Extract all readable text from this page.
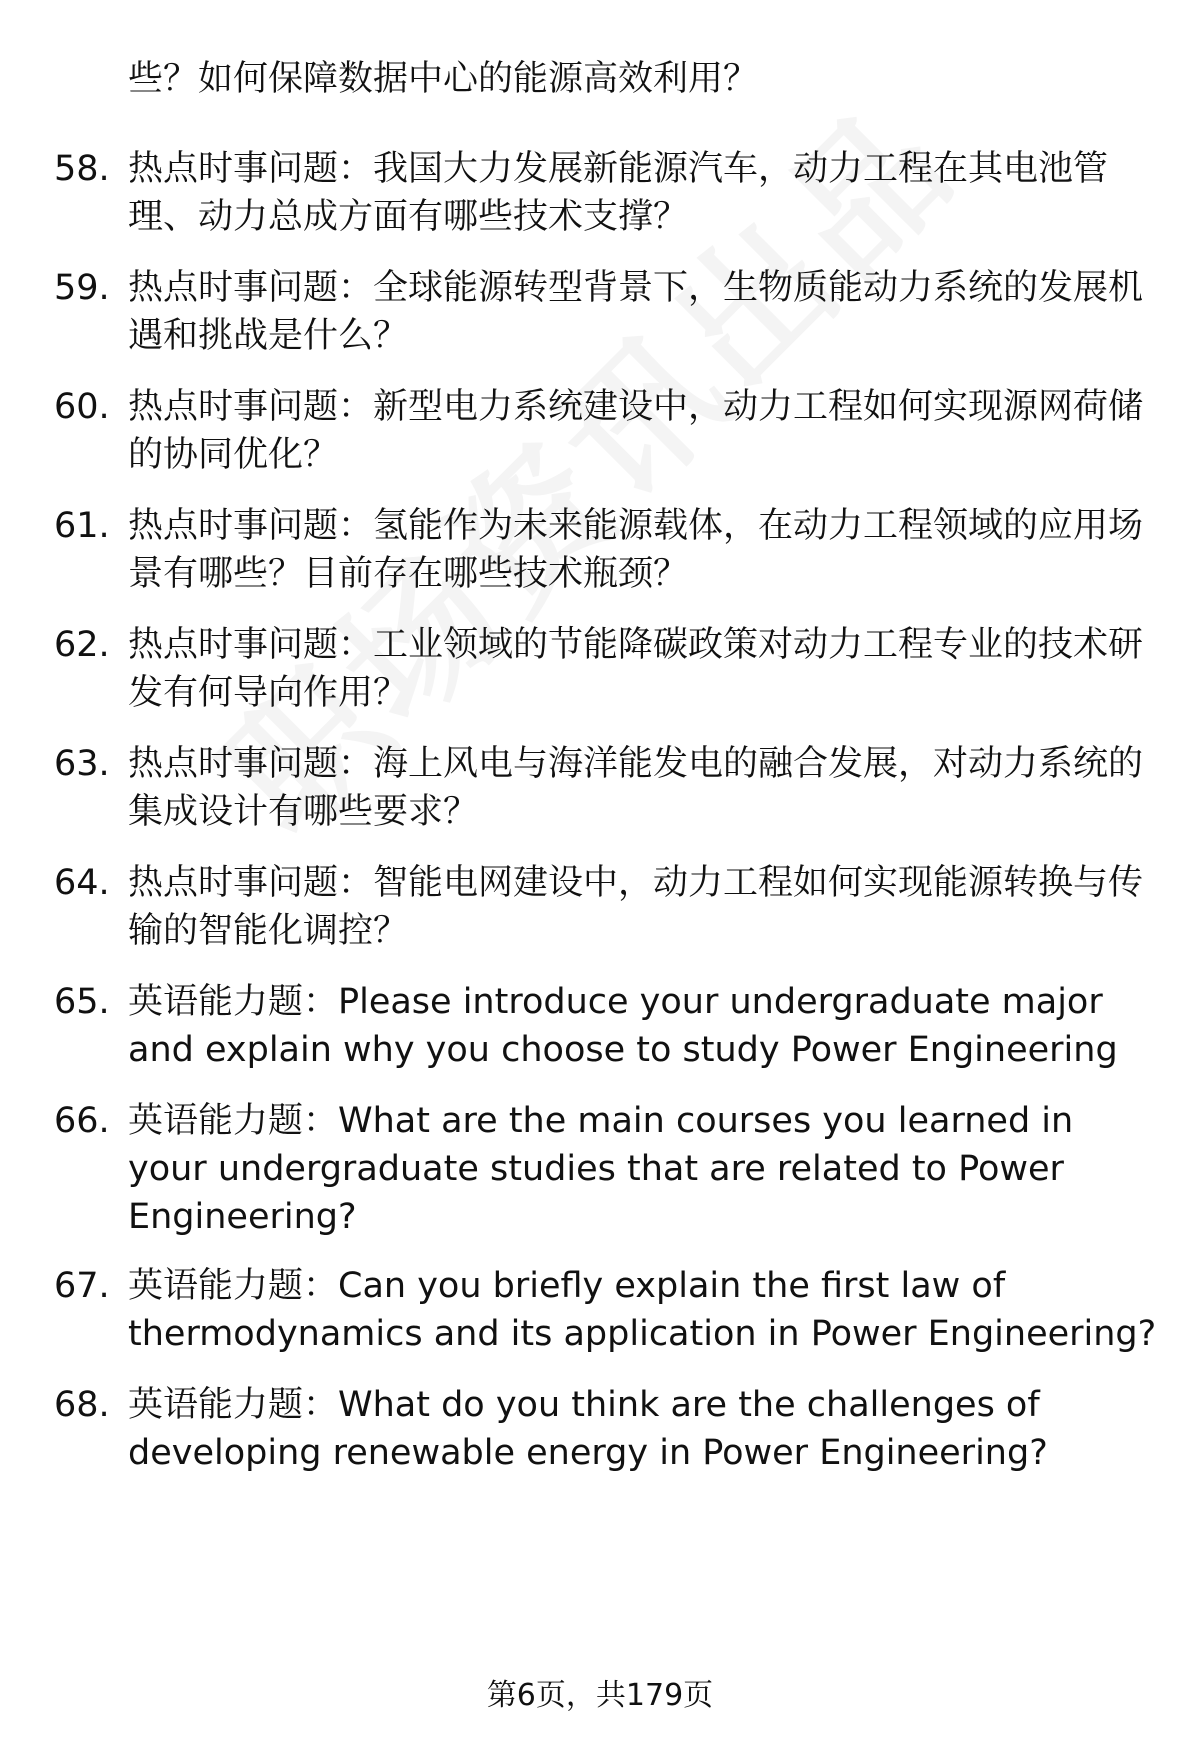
些？如何保障数据中心的能源高效利用？
58. 热点时事问题：我国大力发展新能源汽车，动力工程在其电池管理、动力总成方面有哪些技术支撑？
59. 热点时事问题：全球能源转型背景下，生物质能动力系统的发展机遇和挑战是什么？
60. 热点时事问题：新型电力系统建设中，动力工程如何实现源网荷储的协同优化？
61. 热点时事问题：氢能作为未来能源载体，在动力工程领域的应用场景有哪些？目前存在哪些技术瓶颈？
62. 热点时事问题：工业领域的节能降碳政策对动力工程专业的技术研发有何导向作用？
63. 热点时事问题：海上风电与海洋能发电的融合发展，对动力系统的集成设计有哪些要求？
64. 热点时事问题：智能电网建设中，动力工程如何实现能源转换与传输的智能化调控？
65. 英语能力题：Please introduce your undergraduate major and explain why you choose to study Power Engineering
66. 英语能力题：What are the main courses you learned in your undergraduate studies that are related to Power Engineering?
67. 英语能力题：Can you briefly explain the first law of thermodynamics and its application in Power Engineering?
68. 英语能力题：What do you think are the challenges of developing renewable energy in Power Engineering?
第6页，共179页
